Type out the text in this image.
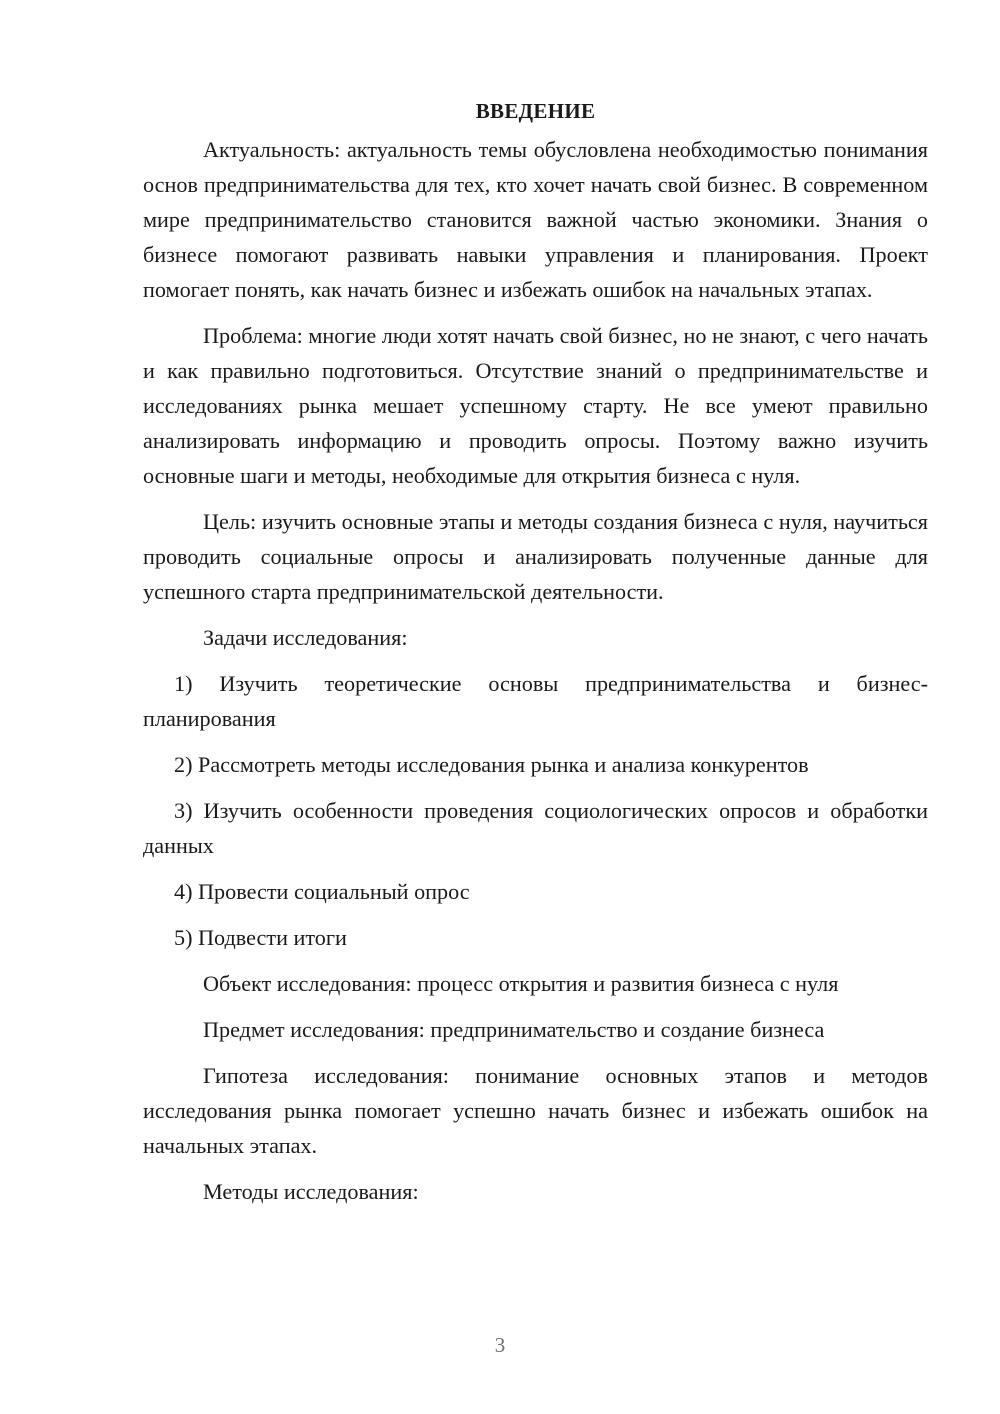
ВВЕДЕНИЕ

Актуальность: актуальность темы обусловлена необходимостью понимания основ предпринимательства для тех, кто хочет начать свой бизнес. В современном мире предпринимательство становится важной частью экономики. Знания о бизнесе помогают развивать навыки управления и планирования. Проект помогает понять, как начать бизнес и избежать ошибок на начальных этапах.

Проблема: многие люди хотят начать свой бизнес, но не знают, с чего начать и как правильно подготовиться. Отсутствие знаний о предпринимательстве и исследованиях рынка мешает успешному старту. Не все умеют правильно анализировать информацию и проводить опросы. Поэтому важно изучить основные шаги и методы, необходимые для открытия бизнеса с нуля.

Цель: изучить основные этапы и методы создания бизнеса с нуля, научиться проводить социальные опросы и анализировать полученные данные для успешного старта предпринимательской деятельности.

Задачи исследования:

1) Изучить теоретические основы предпринимательства и бизнес-планирования

2) Рассмотреть методы исследования рынка и анализа конкурентов

3) Изучить особенности проведения социологических опросов и обработки данных

4) Провести социальный опрос

5) Подвести итоги

Объект исследования: процесс открытия и развития бизнеса с нуля

Предмет исследования: предпринимательство и создание бизнеса

Гипотеза исследования: понимание основных этапов и методов исследования рынка помогает успешно начать бизнес и избежать ошибок на начальных этапах.

Методы исследования:

3
